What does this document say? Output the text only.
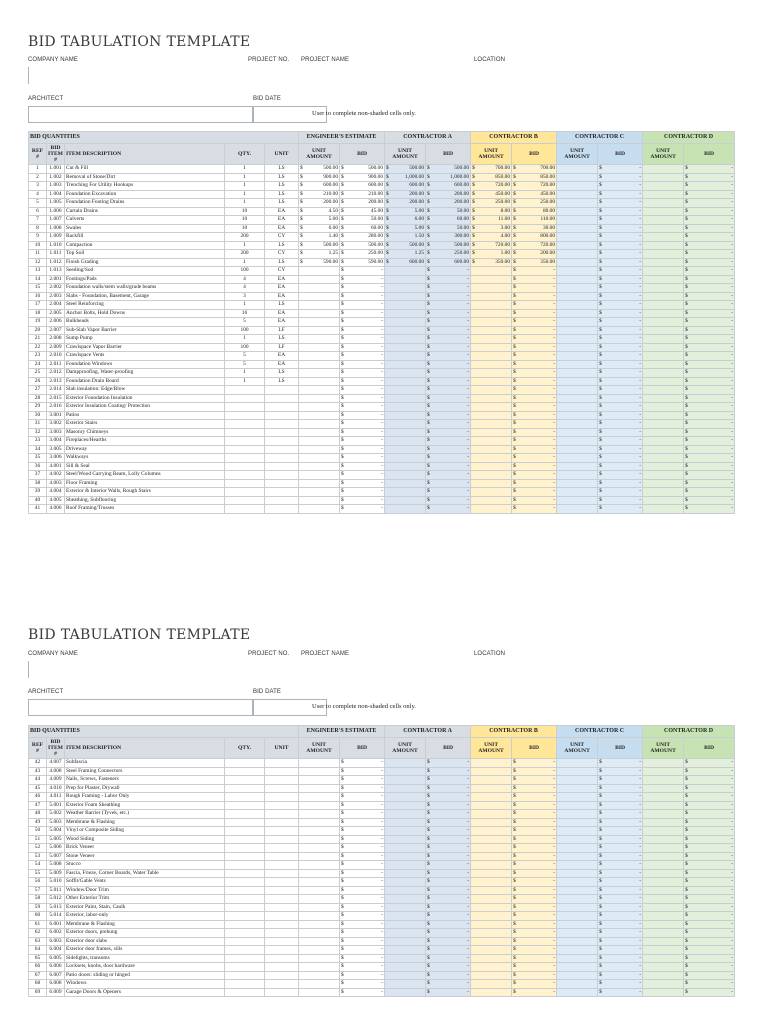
BID TABULATION TEMPLATE
COMPANY NAME	PROJECT NO. PROJECT NAME	LOCATION
ARCHITECT	BID DATE
User to complete non-shaded cells only.
BID QUANTITIES					ENGINEER'S ESTIMATE		CONTRACTOR A		CONTRACTOR B		CONTRACTOR C		CONTRACTOR D	
REF #	BID ITEM #	ITEM DESCRIPTION	QTY.	UNIT	UNIT AMOUNT	BID	UNIT AMOUNT	BID	UNIT AMOUNT	BID	UNIT AMOUNT	BID	UNIT AMOUNT	BID
1	1.001	Cut & Fill	1	LS	$ 500.00	$ 500.00	$ 500.00	$ 500.00	$ 700.00	$ 700.00		$ -		$ -

2	1.002	Removal of Stone/Dirt	1	LS	$ 900.00	$ 900.00	$ 1,000.00	$ 1,000.00	$ 850.00	$ 850.00		$ -		$ -

3	1.003	Trenching For Utility Hookups	1	LS	$ 600.00	$ 600.00	$ 600.00	$ 600.00	$ 720.00	$ 720.00		$ -		$ -

4	1.004	Foundation Excavation	1	LS	$ 210.00	$ 210.00	$ 200.00	$ 200.00	$ 450.00	$ 450.00		$ -		$ -

5	1.005	Foundation Footing Drains	1	LS	$ 200.00	$ 200.00	$ 200.00	$ 200.00	$ 250.00	$ 250.00		$ -		$ -

6	1.006	Curtain Drains	10	EA	$ 4.50	$ 45.00	$ 5.00	$ 50.00	$ 8.00	$ 80.00		$ -		$ -

7	1.007	Culverts	10	EA	$ 5.00	$ 50.00	$ 6.00	$ 60.00	$ 11.00	$ 110.00		$ -		$ -

8	1.008	Swales	10	EA	$ 6.00	$ 60.00	$ 5.00	$ 50.00	$ 3.00	$ 30.00		$ -		$ -

9	1.009	Backfill	200	CY	$ 1.40	$ 280.00	$ 1.50	$ 300.00	$ 4.00	$ 800.00		$ -		$ -

10	1.010	Compaction	1	LS	$ 500.00	$ 500.00	$ 500.00	$ 500.00	$ 720.00	$ 720.00		$ -		$ -

11	1.011	Top Soil	200	CY	$ 1.25	$ 250.00	$ 1.25	$ 250.00	$ 1.00	$ 200.00		$ -		$ -

12	1.012	Finish Grading	1	LS	$ 590.00	$ 590.00	$ 600.00	$ 600.00	$ 350.00	$ 350.00		$ -		$ -

13	1.013	Seeding/Sod	100	CY		$ -		$ -		$ -		$ -		$ -

14	2.001	Footings/Pads	4	EA		$ -		$ -		$ -		$ -		$ -

15	2.002	Foundation walls/stem walls/grade beams	4	EA		$ -		$ -		$ -		$ -		$ -

16	2.003	Slabs - Foundation, Basement, Garage	3	EA		$ -		$ -		$ -		$ -		$ -

17	2.004	Steel Reinforcing	1	LS		$ -		$ -		$ -		$ -		$ -

18	2.005	Anchor Bolts, Hold Downs	16	EA		$ -		$ -		$ -		$ -		$ -

19	2.006	Bulkheads	5	EA		$ -		$ -		$ -		$ -		$ -

20	2.007	Sub-Slab Vapor Barrier	100	LF		$ -		$ -		$ -		$ -		$ -

21	2.008	Sump Pump	1	LS		$ -		$ -		$ -		$ -		$ -

22	2.009	Crawlspace Vapor Barrier	100	LF		$ -		$ -		$ -		$ -		$ -

23	2.010	Crawlspace Vents	5	EA		$ -		$ -		$ -		$ -		$ -

24	2.011	Foundation Windows	5	EA		$ -		$ -		$ -		$ -		$ -

25	2.012	Dampproofing, Water-proofing	1	LS		$ -		$ -		$ -		$ -		$ -

26	2.013	Foundation Drain Board	1	LS		$ -		$ -		$ -		$ -		$ -

27	2.014	Slab insulation: Edge/Blow				$ -		$ -		$ -		$ -		$ -

28	2.015	Exterior Foundation Insulation				$ -		$ -		$ -		$ -		$ -

29	2.016	Exterior Insulation Coating/ Protection				$ -		$ -		$ -		$ -		$ -

30	3.001	Patios				$ -		$ -		$ -		$ -		$ -

31	3.002	Exterior Stairs				$ -		$ -		$ -		$ -		$ -

32	3.003	Masonry Chimneys				$ -		$ -		$ -		$ -		$ -

33	3.004	Fireplaces/Hearths				$ -		$ -		$ -		$ -		$ -

34	3.005	Driveway				$ -		$ -		$ -		$ -		$ -

35	3.006	Walkways				$ -		$ -		$ -		$ -		$ -

36	4.001	Sill & Seal				$ -		$ -		$ -		$ -		$ -

37	4.002	Steel/Wood Carrying Beam, Lolly Columns				$ -		$ -		$ -		$ -		$ -

38	4.003	Floor Framing				$ -		$ -		$ -		$ -		$ -

39	4.004	Exterior & Interior Walls, Rough Stairs				$ -		$ -		$ -		$ -		$ -

40	4.005	Sheathing, Subflooring				$ -		$ -		$ -		$ -		$ -

41	4.006	Roof Framing/Trusses				$ -		$ -		$ -		$ -		$ -
BID TABULATION TEMPLATE
COMPANY NAME	PROJECT NO. PROJECT NAME	LOCATION
ARCHITECT	BID DATE
User to complete non-shaded cells only.
BID QUANTITIES					ENGINEER'S ESTIMATE		CONTRACTOR A		CONTRACTOR B		CONTRACTOR C		CONTRACTOR D	
REF #	BID ITEM #	ITEM DESCRIPTION	QTY.	UNIT	UNIT AMOUNT	BID	UNIT AMOUNT	BID	UNIT AMOUNT	BID	UNIT AMOUNT	BID	UNIT AMOUNT	BID
42	4.007	Subfascia				$ -		$ -		$ -		$ -		$ -

43	4.008	Steel Framing Connectors				$ -		$ -		$ -		$ -		$ -

44	4.009	Nails, Screws, Fasteners				$ -		$ -		$ -		$ -		$ -

45	4.010	Prep for Plaster, Drywall				$ -		$ -		$ -		$ -		$ -

46	4.011	Rough Framing - Labor Only				$ -		$ -		$ -		$ -		$ -

47	5.001	Exterior Foam Sheathing				$ -		$ -		$ -		$ -		$ -

48	5.002	Weather Barrier (Tyvek, etc.)				$ -		$ -		$ -		$ -		$ -

49	5.003	Membrane & Flashing				$ -		$ -		$ -		$ -		$ -

50	5.004	Vinyl or Composite Siding				$ -		$ -		$ -		$ -		$ -

51	5.005	Wood Siding				$ -		$ -		$ -		$ -		$ -

52	5.006	Brick Veneer				$ -		$ -		$ -		$ -		$ -

53	5.007	Stone Veneer				$ -		$ -		$ -		$ -		$ -

54	5.008	Stucco				$ -		$ -		$ -		$ -		$ -

55	5.009	Fascia, Frieze, Corner Boards, Water Table				$ -		$ -		$ -		$ -		$ -

56	5.010	Soffit/Gable Vents				$ -		$ -		$ -		$ -		$ -

57	5.011	Window/Door Trim				$ -		$ -		$ -		$ -		$ -

58	5.012	Other Exterior Trim				$ -		$ -		$ -		$ -		$ -

59	5.013	Exterior Paint, Stain, Caulk				$ -		$ -		$ -		$ -		$ -

60	5.014	Exterior, labor-only				$ -		$ -		$ -		$ -		$ -

61	6.001	Membrane & Flashing				$ -		$ -		$ -		$ -		$ -

62	6.002	Exterior doors, prehung				$ -		$ -		$ -		$ -		$ -

63	6.003	Exterior door slabs				$ -		$ -		$ -		$ -		$ -

64	6.004	Exterior door frames, sills				$ -		$ -		$ -		$ -		$ -

65	6.005	Sidelights, transoms				$ -		$ -		$ -		$ -		$ -

66	6.006	Locksets, knobs, door hardware				$ -		$ -		$ -		$ -		$ -

67	6.007	Patio doors: sliding or hinged				$ -		$ -		$ -		$ -		$ -

68	6.008	Windows				$ -		$ -		$ -		$ -		$ -

69	6.009	Garage Doors & Openers				$ -		$ -		$ -		$ -		$ -
